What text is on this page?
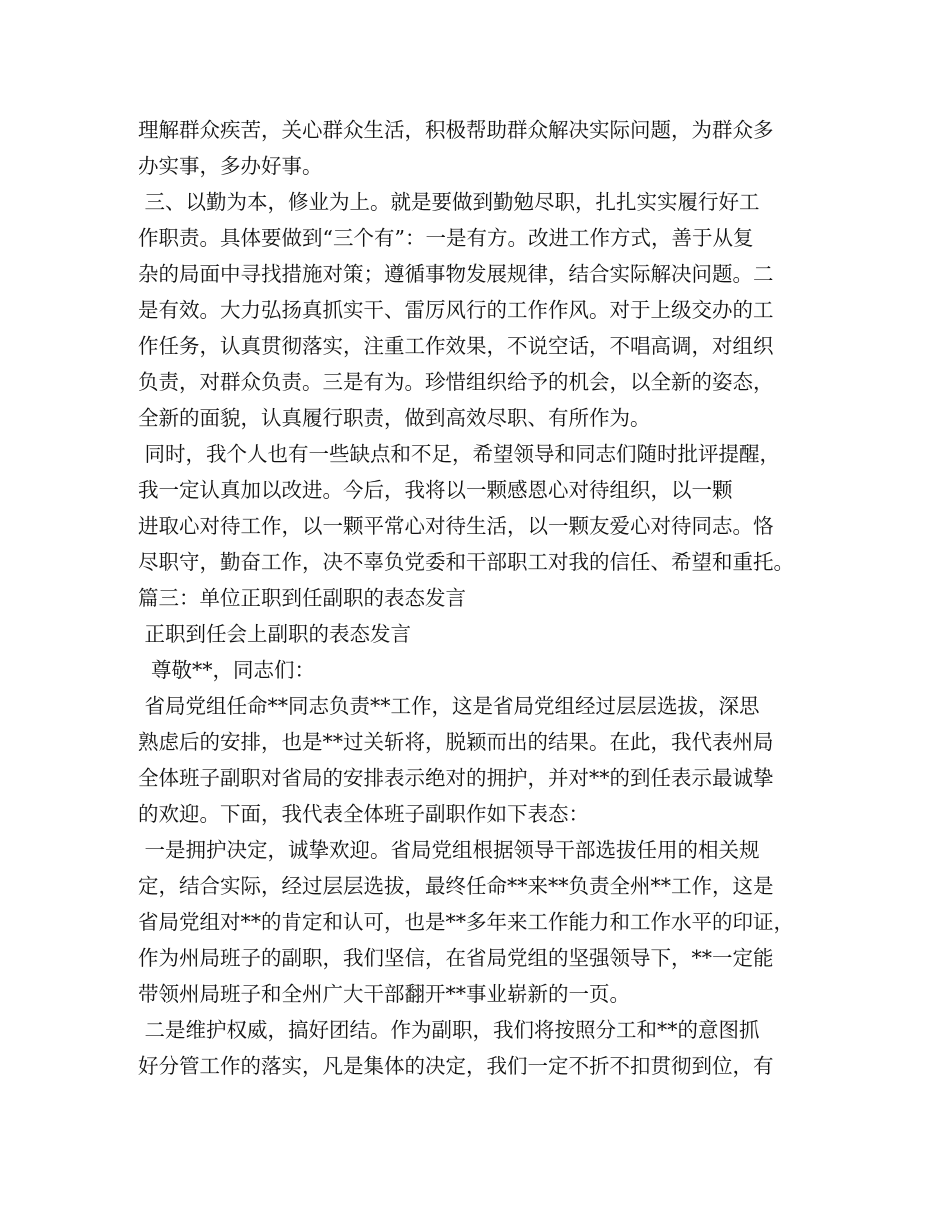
理解群众疾苦，关心群众生活，积极帮助群众解决实际问题，为群众多
办实事，多办好事。
三、以勤为本，修业为上。就是要做到勤勉尽职，扎扎实实履行好工
作职责。具体要做到“三个有”：一是有方。改进工作方式，善于从复
杂的局面中寻找措施对策；遵循事物发展规律，结合实际解决问题。二
是有效。大力弘扬真抓实干、雷厉风行的工作作风。对于上级交办的工
作任务，认真贯彻落实，注重工作效果，不说空话，不唱高调，对组织
负责，对群众负责。三是有为。珍惜组织给予的机会，以全新的姿态，
全新的面貌，认真履行职责，做到高效尽职、有所作为。
同时，我个人也有一些缺点和不足，希望领导和同志们随时批评提醒，
我一定认真加以改进。今后，我将以一颗感恩心对待组织，以一颗
进取心对待工作，以一颗平常心对待生活，以一颗友爱心对待同志。恪
尽职守，勤奋工作，决不辜负党委和干部职工对我的信任、希望和重托。
篇三：单位正职到任副职的表态发言
正职到任会上副职的表态发言
尊敬**，同志们：
省局党组任命**同志负责**工作，这是省局党组经过层层选拔，深思
熟虑后的安排，也是**过关斩将，脱颖而出的结果。在此，我代表州局
全体班子副职对省局的安排表示绝对的拥护，并对**的到任表示最诚挚
的欢迎。下面，我代表全体班子副职作如下表态：
一是拥护决定，诚挚欢迎。省局党组根据领导干部选拔任用的相关规
定，结合实际，经过层层选拔，最终任命**来**负责全州**工作，这是
省局党组对**的肯定和认可，也是**多年来工作能力和工作水平的印证，
作为州局班子的副职，我们坚信，在省局党组的坚强领导下，**一定能
带领州局班子和全州广大干部翻开**事业崭新的一页。
二是维护权威，搞好团结。作为副职，我们将按照分工和**的意图抓
好分管工作的落实，凡是集体的决定，我们一定不折不扣贯彻到位，有
